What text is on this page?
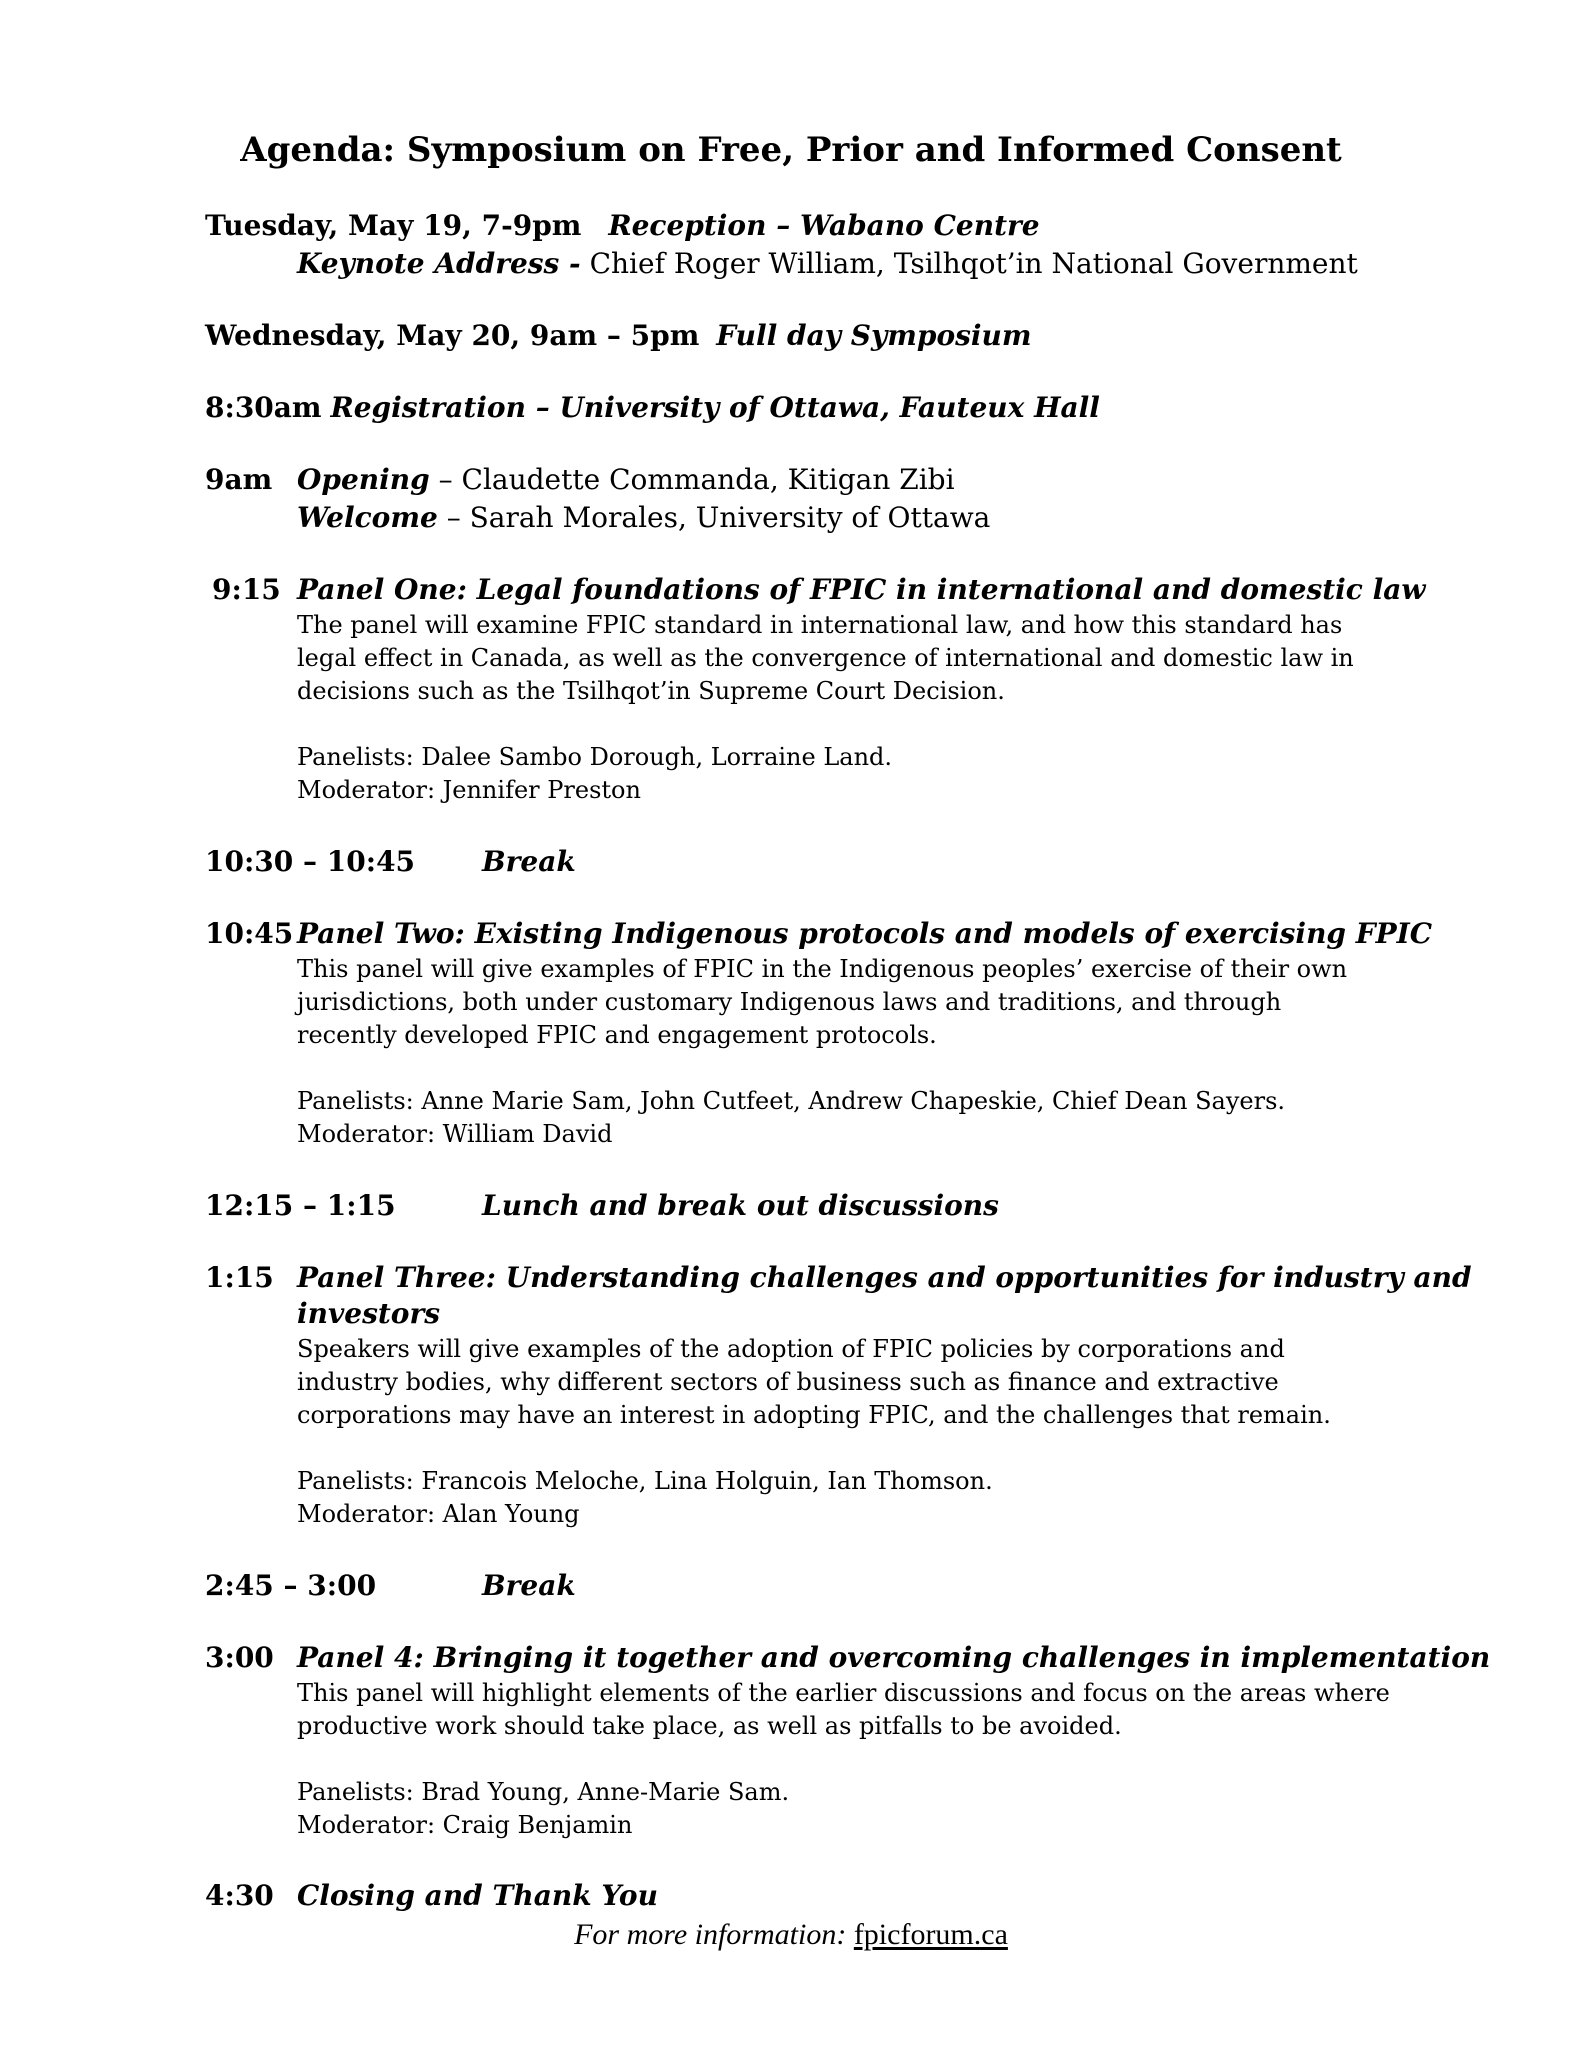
Agenda: Symposium on Free, Prior and Informed Consent
Tuesday, May 19, 7-9pm Reception – Wabano Centre
Keynote Address - Chief Roger William, Tsilhqot’in National Government
Wednesday, May 20, 9am – 5pm Full day Symposium
8:30am Registration – University of Ottawa, Fauteux Hall
9am Opening – Claudette Commanda, Kitigan Zibi
Welcome – Sarah Morales, University of Ottawa
9:15 Panel One: Legal foundations of FPIC in international and domestic law
The panel will examine FPIC standard in international law, and how this standard has
legal effect in Canada, as well as the convergence of international and domestic law in
decisions such as the Tsilhqot’in Supreme Court Decision.
Panelists: Dalee Sambo Dorough, Lorraine Land.
Moderator: Jennifer Preston
10:30 – 10:45 Break
10:45 Panel Two: Existing Indigenous protocols and models of exercising FPIC
This panel will give examples of FPIC in the Indigenous peoples’ exercise of their own
jurisdictions, both under customary Indigenous laws and traditions, and through
recently developed FPIC and engagement protocols.
Panelists: Anne Marie Sam, John Cutfeet, Andrew Chapeskie, Chief Dean Sayers.
Moderator: William David
12:15 – 1:15	Lunch and break out discussions
1:15 Panel Three: Understanding challenges and opportunities for industry and
investors
Speakers will give examples of the adoption of FPIC policies by corporations and
industry bodies, why different sectors of business such as finance and extractive
corporations may have an interest in adopting FPIC, and the challenges that remain.
Panelists: Francois Meloche, Lina Holguin, Ian Thomson.
Moderator: Alan Young
2:45 – 3:00	Break
3:00 Panel 4: Bringing it together and overcoming challenges in implementation
This panel will highlight elements of the earlier discussions and focus on the areas where
productive work should take place, as well as pitfalls to be avoided.
Panelists: Brad Young, Anne-Marie Sam.
Moderator: Craig Benjamin
4:30 Closing and Thank You
For more information: fpicforum.ca
